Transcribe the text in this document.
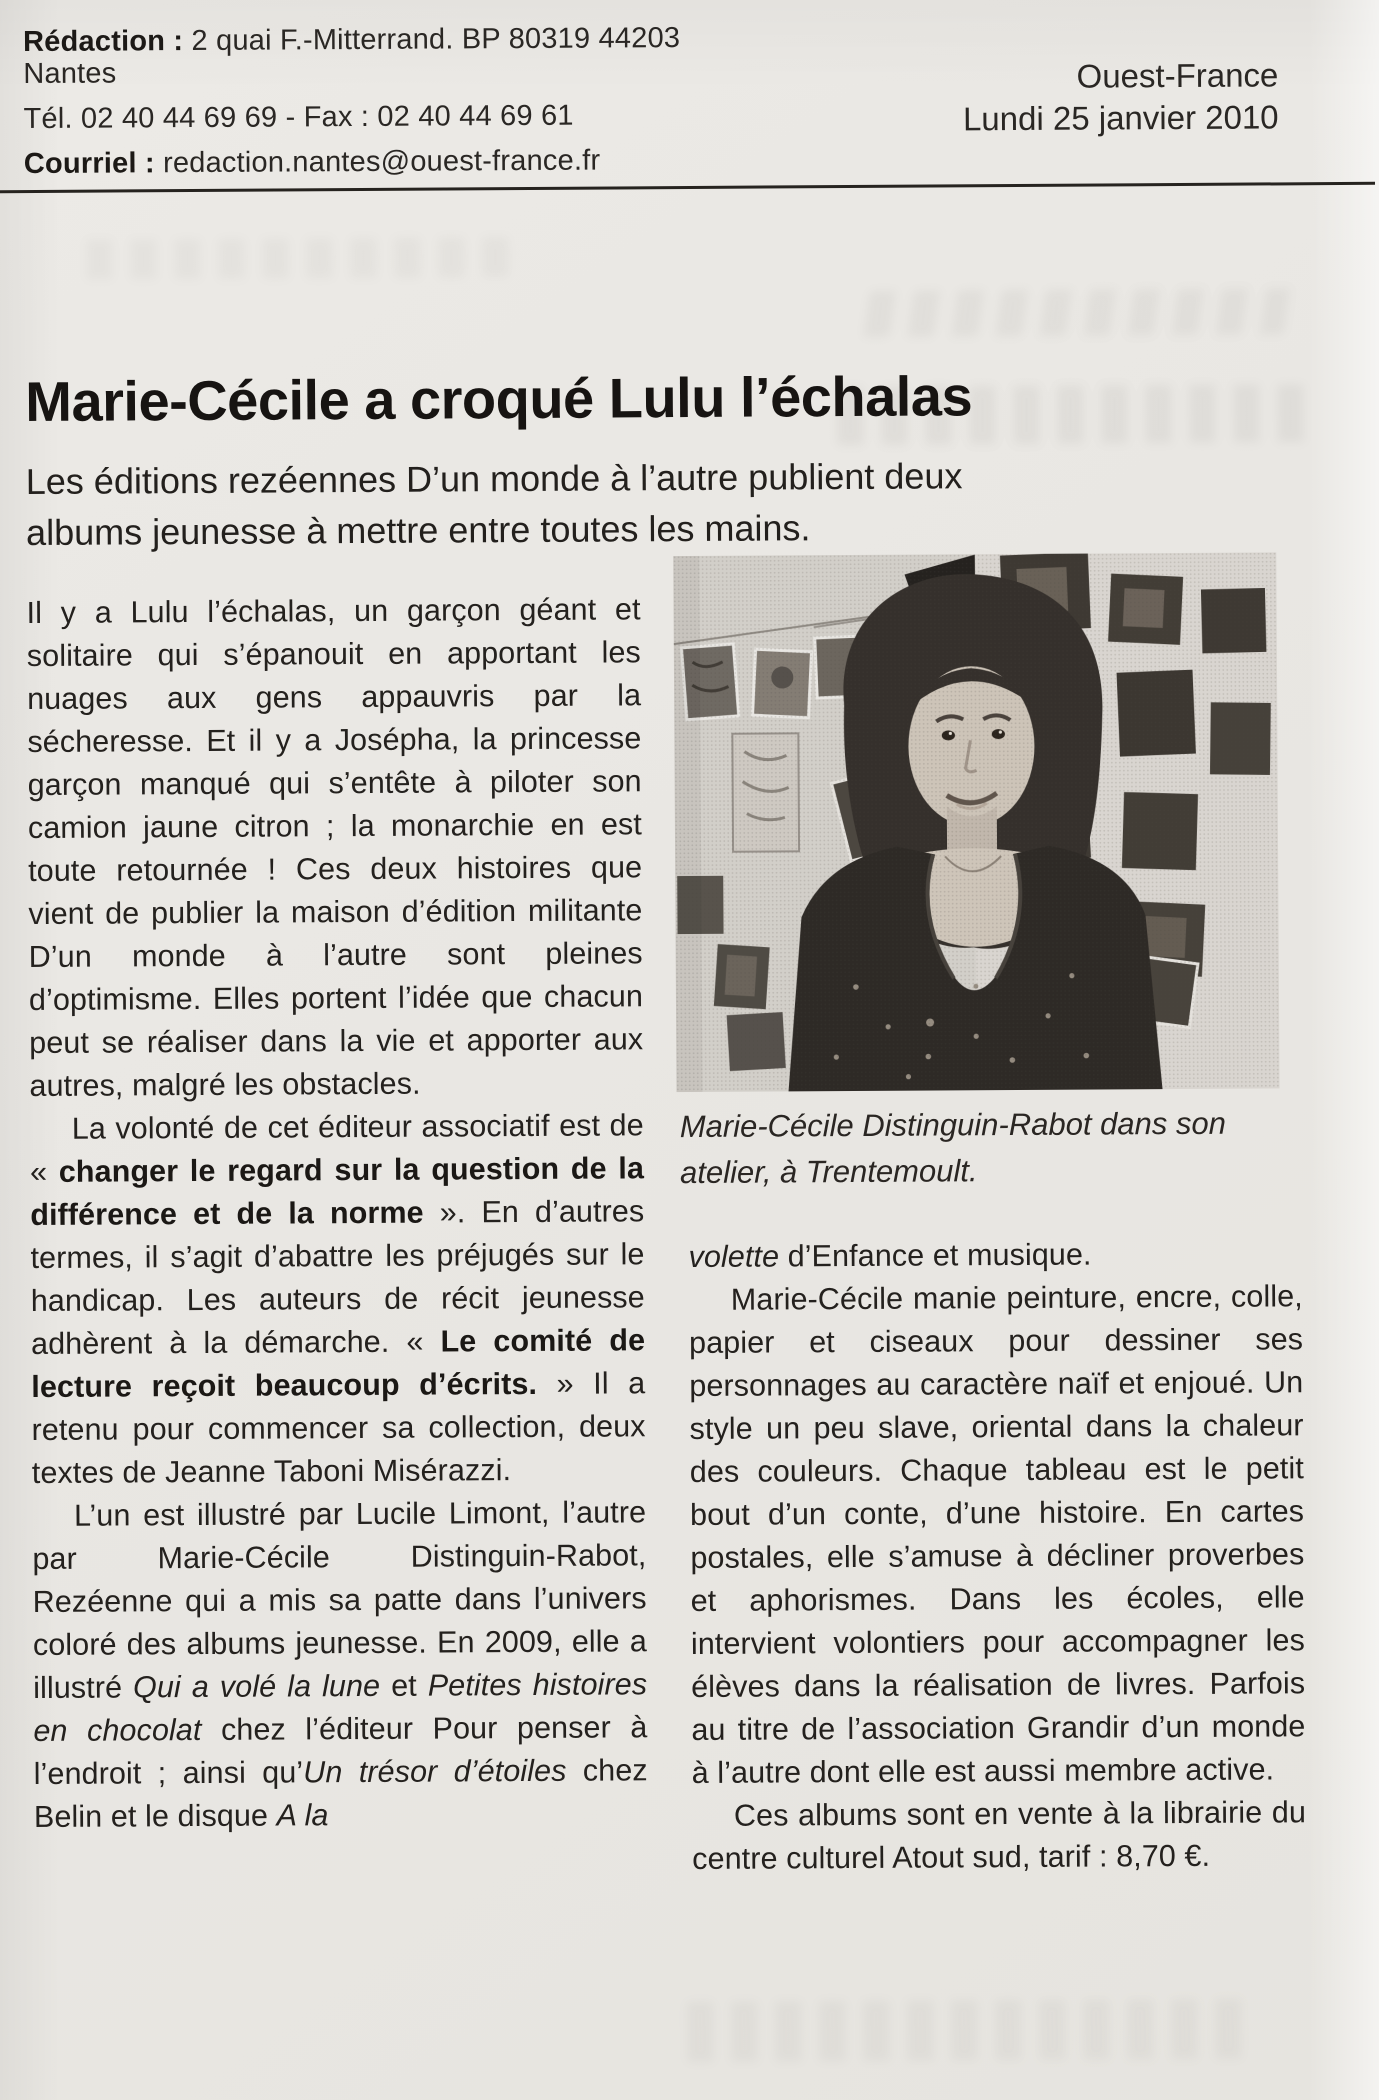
Rédaction : 2 quai F.-Mitterrand. BP 80319 44203 Nantes

Tél. 02 40 44 69 69 - Fax : 02 40 44 69 61

Courriel : redaction.nantes@ouest-france.fr

Ouest-France

Lundi 25 janvier 2010

Marie-Cécile a croqué Lulu l’échalas
Les éditions rezéennes D’un monde à l’autre publient deux albums jeunesse à mettre entre toutes les mains.

Il y a Lulu l’échalas, un garçon géant et solitaire qui s’épanouit en apportant les nuages aux gens appauvris par la sécheresse. Et il y a Josépha, la princesse garçon manqué qui s’entête à piloter son camion jaune citron ; la monarchie en est toute retournée ! Ces deux histoires que vient de publier la maison d’édition militante D’un monde à l’autre sont pleines d’optimisme. Elles portent l’idée que chacun peut se réaliser dans la vie et apporter aux autres, malgré les obstacles.

La volonté de cet éditeur associatif est de « changer le regard sur la question de la différence et de la norme ». En d’autres termes, il s’agit d’abattre les préjugés sur le handicap. Les auteurs de récit jeunesse adhèrent à la démarche. « Le comité de lecture reçoit beaucoup d’écrits. » Il a retenu pour commencer sa collection, deux textes de Jeanne Taboni Misérazzi.

L’un est illustré par Lucile Limont, l’autre par Marie-Cécile Distinguin-Rabot, Rezéenne qui a mis sa patte dans l’univers coloré des albums jeunesse. En 2009, elle a illustré Qui a volé la lune et Petites histoires en chocolat chez l’éditeur Pour penser à l’endroit ; ainsi qu’Un trésor d’étoiles chez Belin et le disque A la

Marie-Cécile Distinguin-Rabot dans son atelier, à Trentemoult.

volette d’Enfance et musique.

Marie-Cécile manie peinture, encre, colle, papier et ciseaux pour dessiner ses personnages au caractère naïf et enjoué. Un style un peu slave, oriental dans la chaleur des couleurs. Chaque tableau est le petit bout d’un conte, d’une histoire. En cartes postales, elle s’amuse à décliner proverbes et aphorismes. Dans les écoles, elle intervient volontiers pour accompagner les élèves dans la réalisation de livres. Parfois au titre de l’association Grandir d’un monde à l’autre dont elle est aussi membre active.

Ces albums sont en vente à la librairie du centre culturel Atout sud, tarif : 8,70 €.
